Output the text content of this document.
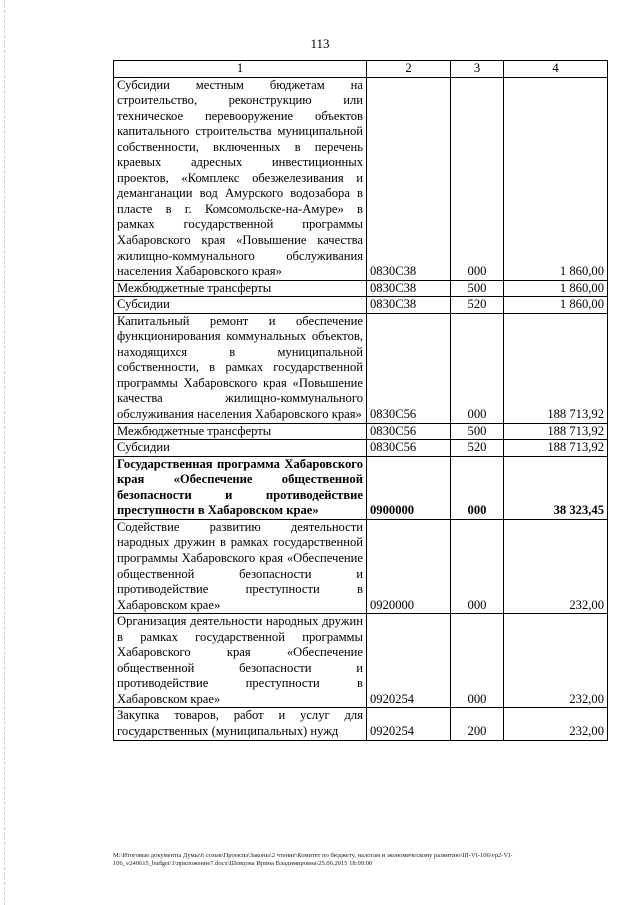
113
1	2	3	4
Субсидии местным бюджетам на строительство, реконструкцию или техническое перевооружение объектов капитального строительства муниципальной собственности, включенных в перечень краевых адресных инвестиционных проектов, «Комплекс обезжелезивания и деманганации вод Амурского водозабора в пласте в г. Комсомольске-на-Амуре» в рамках государственной программы Хабаровского края «Повышение качества жилищно-коммунального обслуживания населения Хабаровского края»	0830С38	000	1 860,00
Межбюджетные трансферты	0830С38	500	1 860,00
Субсидии	0830С38	520	1 860,00
Капитальный ремонт и обеспечение функционирования коммунальных объектов, находящихся в муниципальной собственности, в рамках государственной программы Хабаровского края «Повышение качества жилищно-коммунального обслуживания населения Хабаровского края»	0830С56	000	188 713,92
Межбюджетные трансферты	0830С56	500	188 713,92
Субсидии	0830С56	520	188 713,92
Государственная программа Хабаровского края «Обеспечение общественной безопасности и противодействие преступности в Хабаровском крае»	0900000	000	38 323,45
Содействие развитию деятельности народных дружин в рамках государственной программы Хабаровского края «Обеспечение общественной безопасности и противодействие преступности в Хабаровском крае»	0920000	000	232,00
Организация деятельности народных дружин в рамках государственной программы Хабаровского края «Обеспечение общественной безопасности и противодействие преступности в Хабаровском крае»	0920254	000	232,00
Закупка товаров, работ и услуг для государственных (муниципальных) нужд	0920254	200	232,00
M:\Итоговые документы Думы\6 созыв\Проекты\Законы\2 чтение\Комитет по бюджету, налогам и экономическому развитию\III-VI-106\vp2-VI-106_v240615_budget\1\приложение7.docx\Шевцова Ирина Владимировна\25.06.2015 18:09:00
